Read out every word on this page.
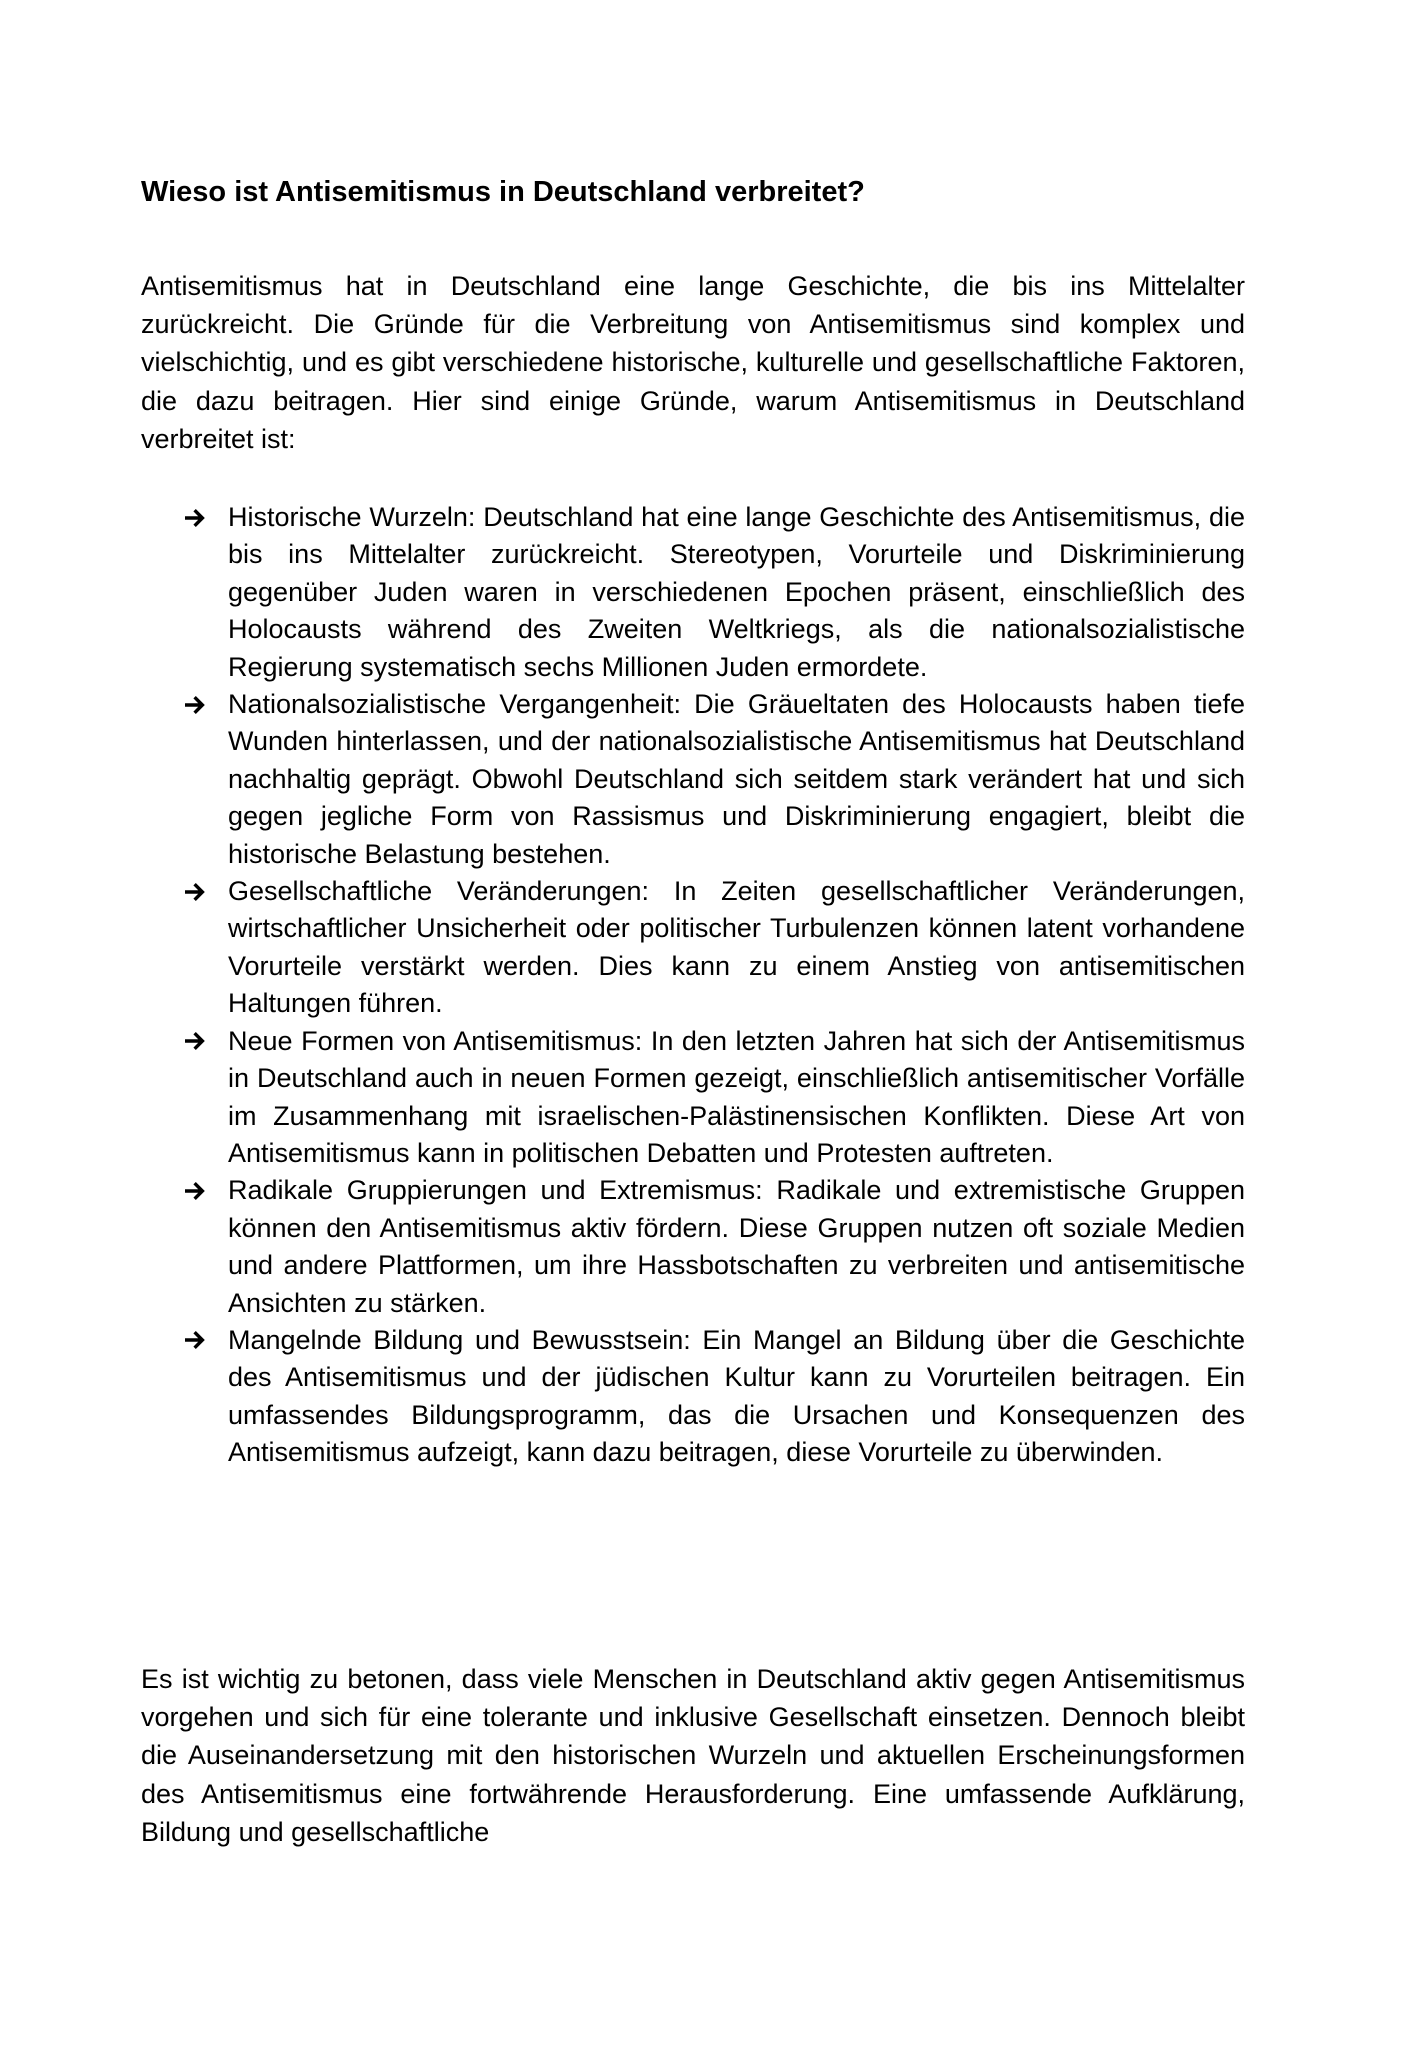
Wieso ist Antisemitismus in Deutschland verbreitet?

Antisemitismus hat in Deutschland eine lange Geschichte, die bis ins Mittelalter zurückreicht. Die Gründe für die Verbreitung von Antisemitismus sind komplex und vielschichtig, und es gibt verschiedene historische, kulturelle und gesellschaftliche Faktoren, die dazu beitragen. Hier sind einige Gründe, warum Antisemitismus in Deutschland verbreitet ist:

Historische Wurzeln: Deutschland hat eine lange Geschichte des Antisemitismus, die bis ins Mittelalter zurückreicht. Stereotypen, Vorurteile und Diskriminierung gegenüber Juden waren in verschiedenen Epochen präsent, einschließlich des Holocausts während des Zweiten Weltkriegs, als die nationalsozialistische Regierung systematisch sechs Millionen Juden ermordete.
Nationalsozialistische Vergangenheit: Die Gräueltaten des Holocausts haben tiefe Wunden hinterlassen, und der nationalsozialistische Antisemitismus hat Deutschland nachhaltig geprägt. Obwohl Deutschland sich seitdem stark verändert hat und sich gegen jegliche Form von Rassismus und Diskriminierung engagiert, bleibt die historische Belastung bestehen.
Gesellschaftliche Veränderungen: In Zeiten gesellschaftlicher Veränderungen, wirtschaftlicher Unsicherheit oder politischer Turbulenzen können latent vorhandene Vorurteile verstärkt werden. Dies kann zu einem Anstieg von antisemitischen Haltungen führen.
Neue Formen von Antisemitismus: In den letzten Jahren hat sich der Antisemitismus in Deutschland auch in neuen Formen gezeigt, einschließlich antisemitischer Vorfälle im Zusammenhang mit israelischen-Palästinensischen Konflikten. Diese Art von Antisemitismus kann in politischen Debatten und Protesten auftreten.
Radikale Gruppierungen und Extremismus: Radikale und extremistische Gruppen können den Antisemitismus aktiv fördern. Diese Gruppen nutzen oft soziale Medien und andere Plattformen, um ihre Hassbotschaften zu verbreiten und antisemitische Ansichten zu stärken.
Mangelnde Bildung und Bewusstsein: Ein Mangel an Bildung über die Geschichte des Antisemitismus und der jüdischen Kultur kann zu Vorurteilen beitragen. Ein umfassendes Bildungsprogramm, das die Ursachen und Konsequenzen des Antisemitismus aufzeigt, kann dazu beitragen, diese Vorurteile zu überwinden.

Es ist wichtig zu betonen, dass viele Menschen in Deutschland aktiv gegen Antisemitismus vorgehen und sich für eine tolerante und inklusive Gesellschaft einsetzen. Dennoch bleibt die Auseinandersetzung mit den historischen Wurzeln und aktuellen Erscheinungsformen des Antisemitismus eine fortwährende Herausforderung. Eine umfassende Aufklärung, Bildung und gesellschaftliche
